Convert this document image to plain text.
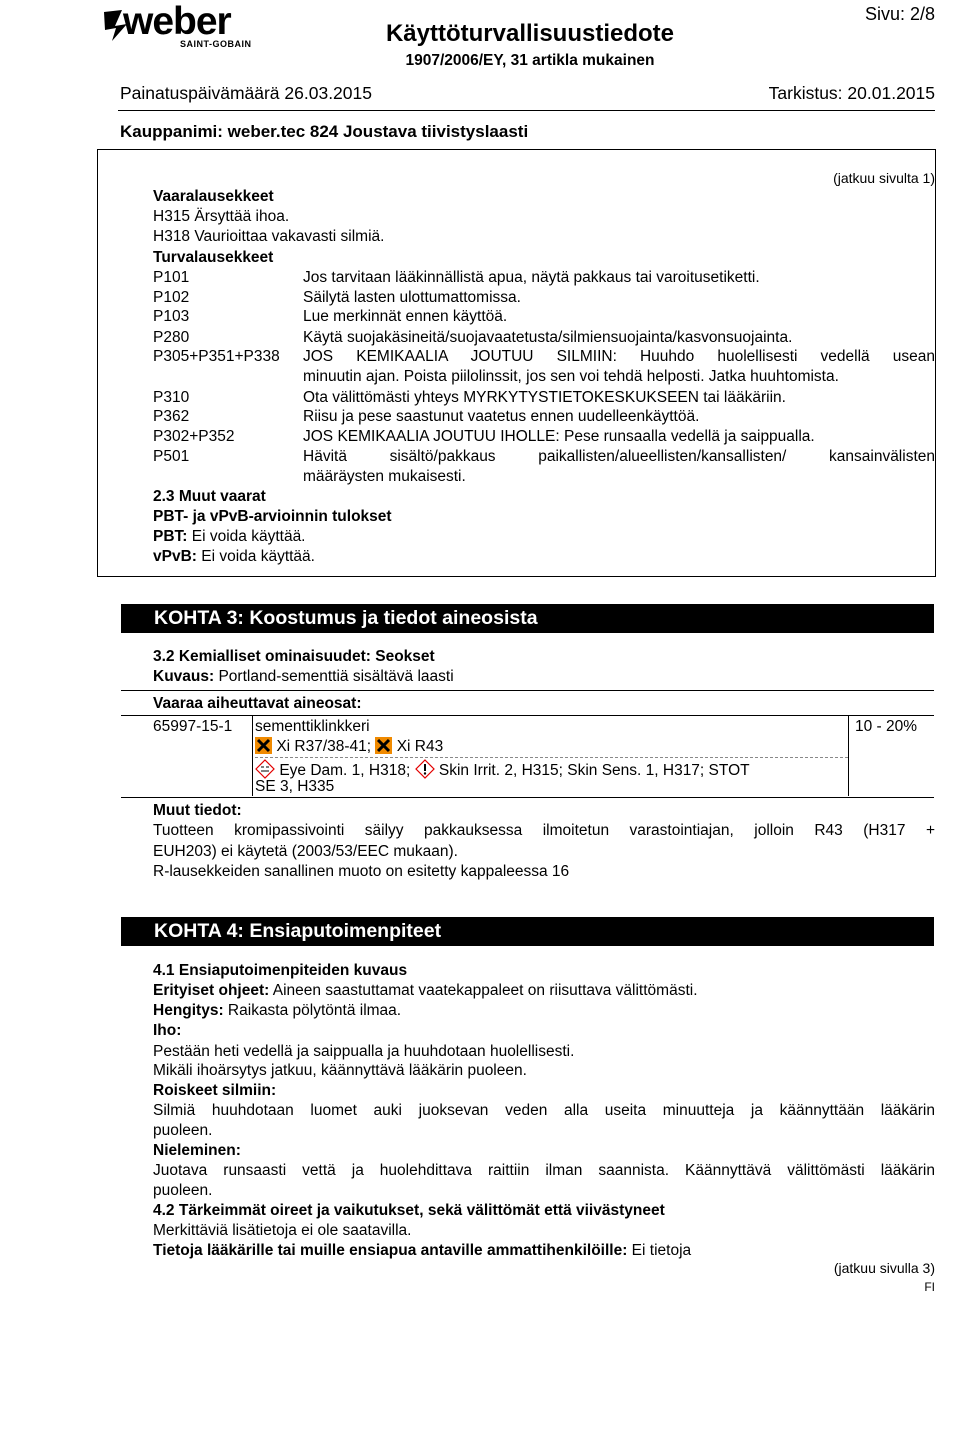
weber
SAINT-GOBAIN	Käyttöturvallisuustiedote
1907/2006/EY, 31 artikla mukainen
Sivu: 2/8
Painatuspäivämäärä 26.03.2015	Tarkistus: 20.01.2015
Kauppanimi: weber.tec 824 Joustava tiivistyslaasti
(jatkuu sivulta 1)
Vaaralausekkeet
H315 Ärsyttää ihoa.
H318 Vaurioittaa vakavasti silmiä.
Turvalausekkeet
P101	Jos tarvitaan lääkinnällistä apua, näytä pakkaus tai varoitusetiketti.
P102	Säilytä lasten ulottumattomissa.
P103	Lue merkinnät ennen käyttöä.
P280	Käytä suojakäsineitä/suojavaatetusta/silmiensuojainta/kasvonsuojainta.
P305+P351+P338 JOS KEMIKAALIA JOUTUU SILMIIN: Huuhdo huolellisesti vedellä usean
minuutin ajan. Poista piilolinssit, jos sen voi tehdä helposti. Jatka huuhtomista.
P310	Ota välittömästi yhteys MYRKYTYSTIETOKESKUKSEEN tai lääkäriin.
P362	Riisu ja pese saastunut vaatetus ennen uudelleenkäyttöä.
P302+P352	JOS KEMIKAALIA JOUTUU IHOLLE: Pese runsaalla vedellä ja saippualla.
P501	Hävitä sisältö/pakkaus paikallisten/alueellisten/kansallisten/ kansainvälisten
määräysten mukaisesti.
2.3 Muut vaarat
PBT- ja vPvB-arvioinnin tulokset
PBT: Ei voida käyttää.
vPvB: Ei voida käyttää.
KOHTA 3: Koostumus ja tiedot aineosista
3.2 Kemialliset ominaisuudet: Seokset
Kuvaus: Portland-sementtiä sisältävä laasti
Vaaraa aiheuttavat aineosat:
65997-15-1 sementtiklinkkeri	10 - 20%
Xi R37/38-41; Xi R43
Eye Dam. 1, H318; Skin Irrit. 2, H315; Skin Sens. 1, H317; STOT
SE 3, H335
Muut tiedot:
Tuotteen kromipassivointi säilyy pakkauksessa ilmoitetun varastointiajan, jolloin R43 (H317 +
EUH203) ei käytetä (2003/53/EEC mukaan).
R-lausekkeiden sanallinen muoto on esitetty kappaleessa 16
KOHTA 4: Ensiaputoimenpiteet
4.1 Ensiaputoimenpiteiden kuvaus
Erityiset ohjeet: Aineen saastuttamat vaatekappaleet on riisuttava välittömästi.
Hengitys: Raikasta pölytöntä ilmaa.
Iho:
Pestään heti vedellä ja saippualla ja huuhdotaan huolellisesti.
Mikäli ihoärsytys jatkuu, käännyttävä lääkärin puoleen.
Roiskeet silmiin:
Silmiä huuhdotaan luomet auki juoksevan veden alla useita minuutteja ja käännyttään lääkärin
puoleen.
Nieleminen:
Juotava runsaasti vettä ja huolehdittava raittiin ilman saannista. Käännyttävä välittömästi lääkärin
puoleen.
4.2 Tärkeimmät oireet ja vaikutukset, sekä välittömät että viivästyneet
Merkittäviä lisätietoja ei ole saatavilla.
Tietoja lääkärille tai muille ensiapua antaville ammattihenkilöille: Ei tietoja
(jatkuu sivulla 3)
FI
